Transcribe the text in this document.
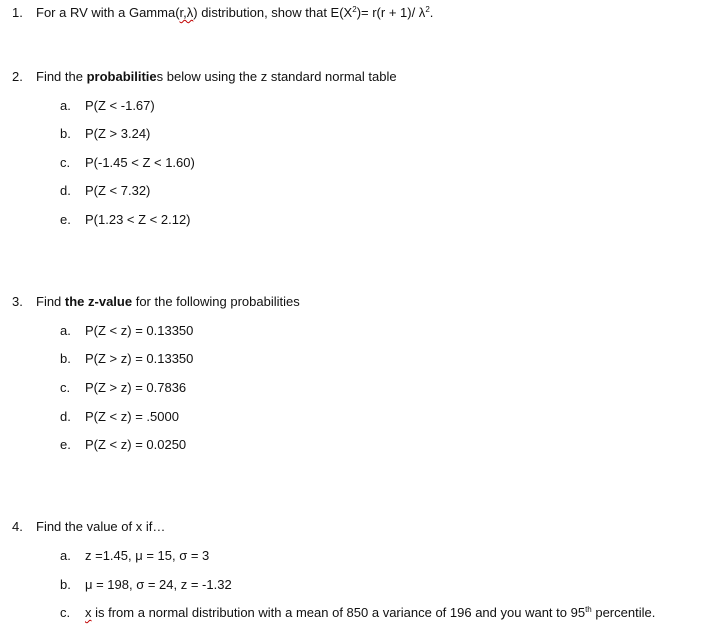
1. For a RV with a Gamma(r,λ) distribution, show that $E(X^2)= r(r + 1)/$ $\lambda^2$.
2. Find the probabilities below using the z standard normal table
a. P(Z < -1.67)
b. P(Z > 3.24)
c. P(-1.45 < Z < 1.60)
d. P(Z < 7.32)
e. P(1.23 < Z < 2.12)
3. Find the z-value for the following probabilities
a. P(Z < z) = 0.13350
b. P(Z > z) = 0.13350
c. P(Z > z) = 0.7836
d. P(Z < z) = .5000
e. P(Z < z) = 0.0250
4. Find the value of x if…
a. z =1.45, μ = 15, σ = 3
b. μ = 198, σ = 24, z = -1.32
c. x is from a normal distribution with a mean of 850 a variance of 196 and you want to 95th percentile.
